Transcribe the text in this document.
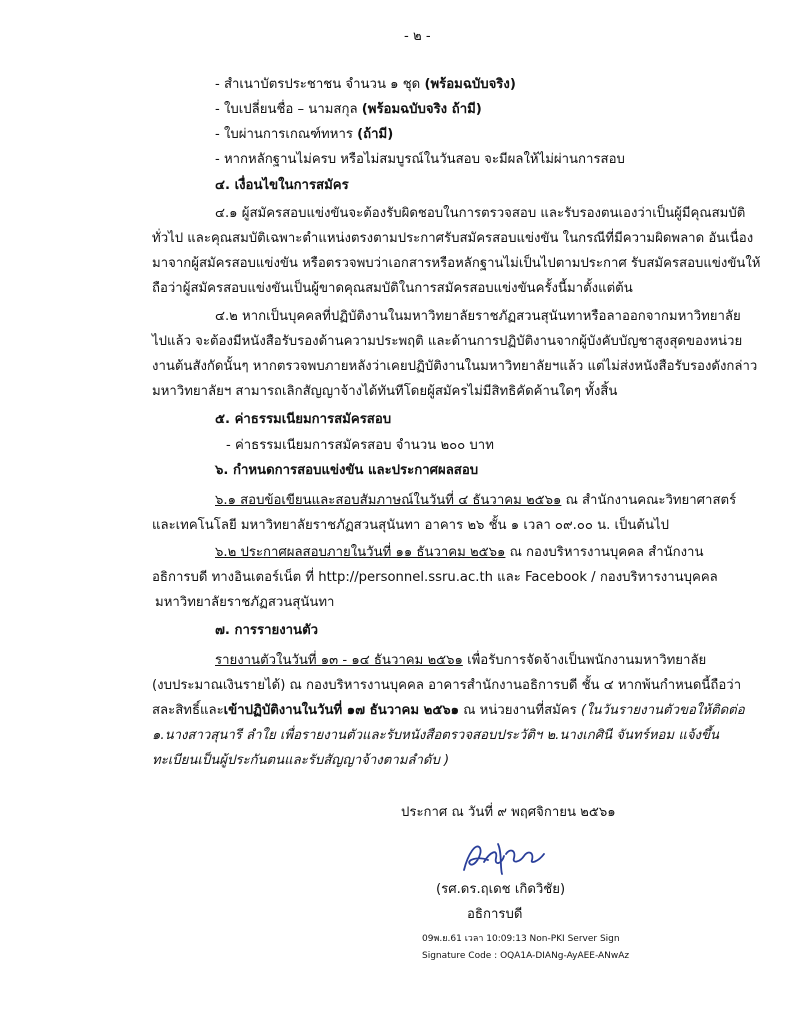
- ๒ -
- สำเนาบัตรประชาชน จำนวน ๑ ชุด (พร้อมฉบับจริง)
- ใบเปลี่ยนชื่อ – นามสกุล (พร้อมฉบับจริง ถ้ามี)
- ใบผ่านการเกณฑ์ทหาร (ถ้ามี)
- หากหลักฐานไม่ครบ หรือไม่สมบูรณ์ในวันสอบ จะมีผลให้ไม่ผ่านการสอบ
๔. เงื่อนไขในการสมัคร
๔.๑ ผู้สมัครสอบแข่งขันจะต้องรับผิดชอบในการตรวจสอบ และรับรองตนเองว่าเป็นผู้มีคุณสมบัติ
ทั่วไป และคุณสมบัติเฉพาะตำแหน่งตรงตามประกาศรับสมัครสอบแข่งขัน ในกรณีที่มีความผิดพลาด อันเนื่อง
มาจากผู้สมัครสอบแข่งขัน หรือตรวจพบว่าเอกสารหรือหลักฐานไม่เป็นไปตามประกาศ รับสมัครสอบแข่งขันให้
ถือว่าผู้สมัครสอบแข่งขันเป็นผู้ขาดคุณสมบัติในการสมัครสอบแข่งขันครั้งนี้มาตั้งแต่ต้น
๔.๒ หากเป็นบุคคลที่ปฏิบัติงานในมหาวิทยาลัยราชภัฏสวนสุนันทาหรือลาออกจากมหาวิทยาลัย
ไปแล้ว จะต้องมีหนังสือรับรองด้านความประพฤติ และด้านการปฏิบัติงานจากผู้บังคับบัญชาสูงสุดของหน่วย
งานต้นสังกัดนั้นๆ หากตรวจพบภายหลังว่าเคยปฏิบัติงานในมหาวิทยาลัยฯแล้ว แต่ไม่ส่งหนังสือรับรองดังกล่าว
มหาวิทยาลัยฯ สามารถเลิกสัญญาจ้างได้ทันทีโดยผู้สมัครไม่มีสิทธิคัดค้านใดๆ ทั้งสิ้น
๕. ค่าธรรมเนียมการสมัครสอบ
- ค่าธรรมเนียมการสมัครสอบ จำนวน ๒๐๐ บาท
๖. กำหนดการสอบแข่งขัน และประกาศผลสอบ
๖.๑ สอบข้อเขียนและสอบสัมภาษณ์ในวันที่ ๔ ธันวาคม ๒๕๖๑ ณ สำนักงานคณะวิทยาศาสตร์
และเทคโนโลยี มหาวิทยาลัยราชภัฏสวนสุนันทา อาคาร ๒๖ ชั้น ๑ เวลา ๐๙.๐๐ น. เป็นต้นไป
๖.๒ ประกาศผลสอบภายในวันที่ ๑๑ ธันวาคม ๒๕๖๑ ณ กองบริหารงานบุคคล สำนักงาน
อธิการบดี ทางอินเตอร์เน็ต ที่ http://personnel.ssru.ac.th และ Facebook / กองบริหารงานบุคคล
มหาวิทยาลัยราชภัฏสวนสุนันทา
๗. การรายงานตัว
รายงานตัวในวันที่ ๑๓ - ๑๔ ธันวาคม ๒๕๖๑ เพื่อรับการจัดจ้างเป็นพนักงานมหาวิทยาลัย
(งบประมาณเงินรายได้) ณ กองบริหารงานบุคคล อาคารสำนักงานอธิการบดี ชั้น ๔ หากพ้นกำหนดนี้ถือว่า
สละสิทธิ์และเข้าปฏิบัติงานในวันที่ ๑๗ ธันวาคม ๒๕๖๑ ณ หน่วยงานที่สมัคร (ในวันรายงานตัวขอให้ติดต่อ
๑.นางสาวสุนารี ลำใย เพื่อรายงานตัวและรับหนังสือตรวจสอบประวัติฯ ๒.นางเกศินี จันทร์หอม แจ้งขึ้น
ทะเบียนเป็นผู้ประกันตนและรับสัญญาจ้างตามลำดับ )
ประกาศ ณ วันที่ ๙ พฤศจิกายน ๒๕๖๑
(รศ.ดร.ฤเดช เกิดวิชัย)
อธิการบดี
09พ.ย.61 เวลา 10:09:13 Non-PKI Server Sign
Signature Code : OQA1A-DIANg-AyAEE-ANwAz
